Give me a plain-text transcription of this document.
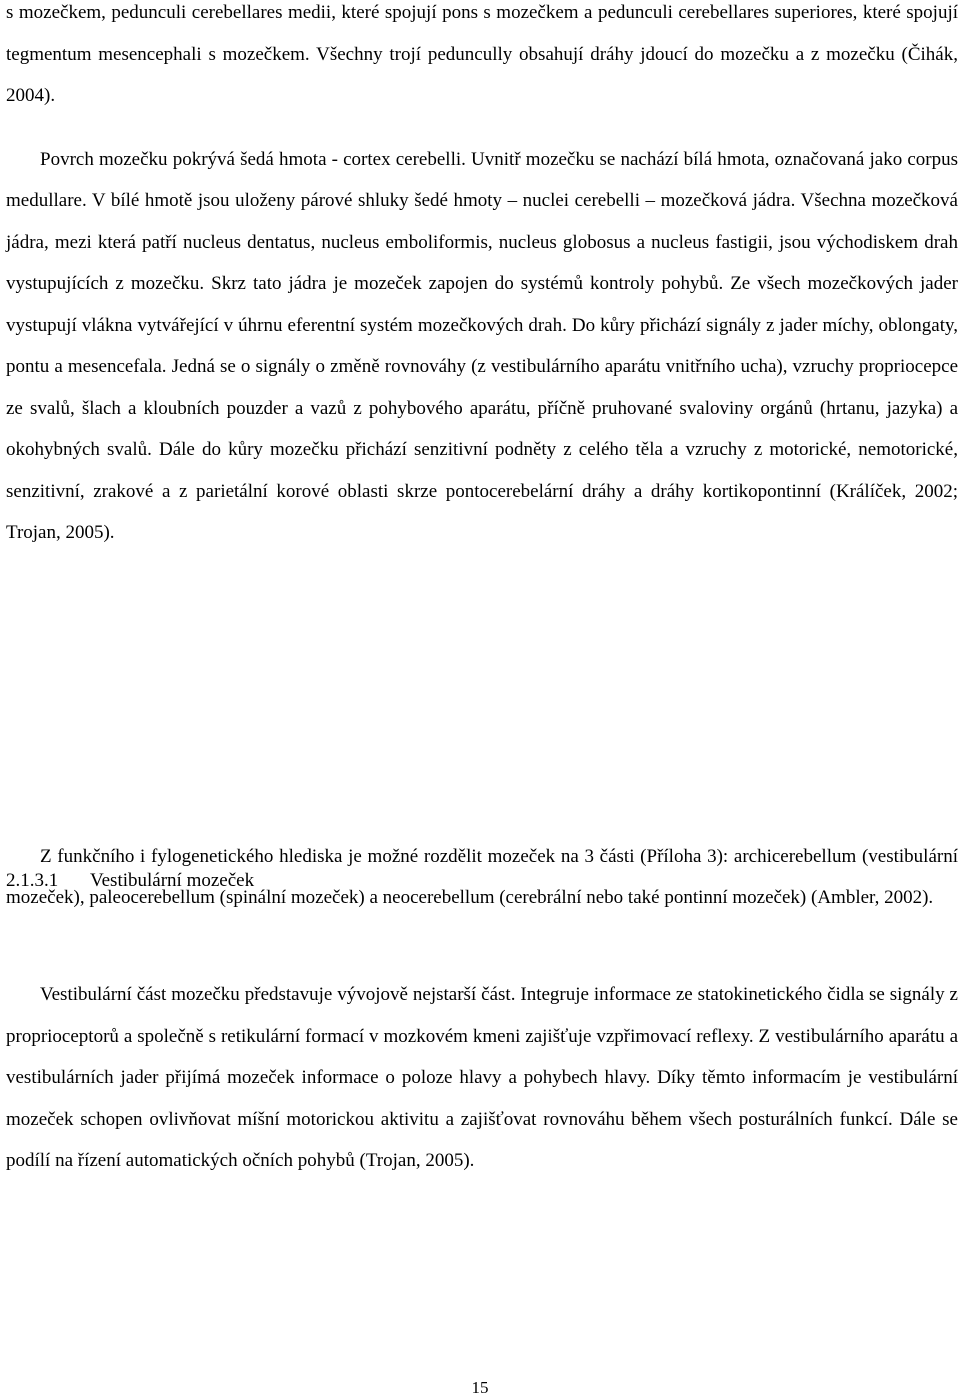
s mozečkem, pedunculi cerebellares medii, které spojují pons s mozečkem a pedunculi cerebellares superiores, které spojují tegmentum mesencephali s mozečkem. Všechny trojí peduncully obsahují dráhy jdoucí do mozečku a z mozečku (Čihák, 2004).

Povrch mozečku pokrývá šedá hmota - cortex cerebelli. Uvnitř mozečku se nachází bílá hmota, označovaná jako corpus medullare. V bílé hmotě jsou uloženy párové shluky šedé hmoty – nuclei cerebelli – mozečková jádra. Všechna mozečková jádra, mezi která patří nucleus dentatus, nucleus emboliformis, nucleus globosus a nucleus fastigii, jsou východiskem drah vystupujících z mozečku. Skrz tato jádra je mozeček zapojen do systémů kontroly pohybů. Ze všech mozečkových jader vystupují vlákna vytvářející v úhrnu eferentní systém mozečkových drah. Do kůry přichází signály z jader míchy, oblongaty, pontu a mesencefala. Jedná se o signály o změně rovnováhy (z vestibulárního aparátu vnitřního ucha), vzruchy propriocepce ze svalů, šlach a kloubních pouzder a vazů z pohybového aparátu, příčně pruhované svaloviny orgánů (hrtanu, jazyka) a okohybných svalů. Dále do kůry mozečku přichází senzitivní podněty z celého těla a vzruchy z motorické, nemotorické, senzitivní, zrakové a z parietální korové oblasti skrze pontocerebelární dráhy a dráhy kortikopontinní (Králíček, 2002; Trojan, 2005).

Z funkčního i fylogenetického hlediska je možné rozdělit mozeček na 3 části (Příloha 3): archicerebellum (vestibulární mozeček), paleocerebellum (spinální mozeček) a neocerebellum (cerebrální nebo také pontinní mozeček) (Ambler, 2002).

2.1.3.1 Vestibulární mozeček

Vestibulární část mozečku představuje vývojově nejstarší část. Integruje informace ze statokinetického čidla se signály z proprioceptorů a společně s retikulární formací v mozkovém kmeni zajišťuje vzpřimovací reflexy. Z vestibulárního aparátu a vestibulárních jader přijímá mozeček informace o poloze hlavy a pohybech hlavy. Díky těmto informacím je vestibulární mozeček schopen ovlivňovat míšní motorickou aktivitu a zajišťovat rovnováhu během všech posturálních funkcí. Dále se podílí na řízení automatických očních pohybů (Trojan, 2005).

15
